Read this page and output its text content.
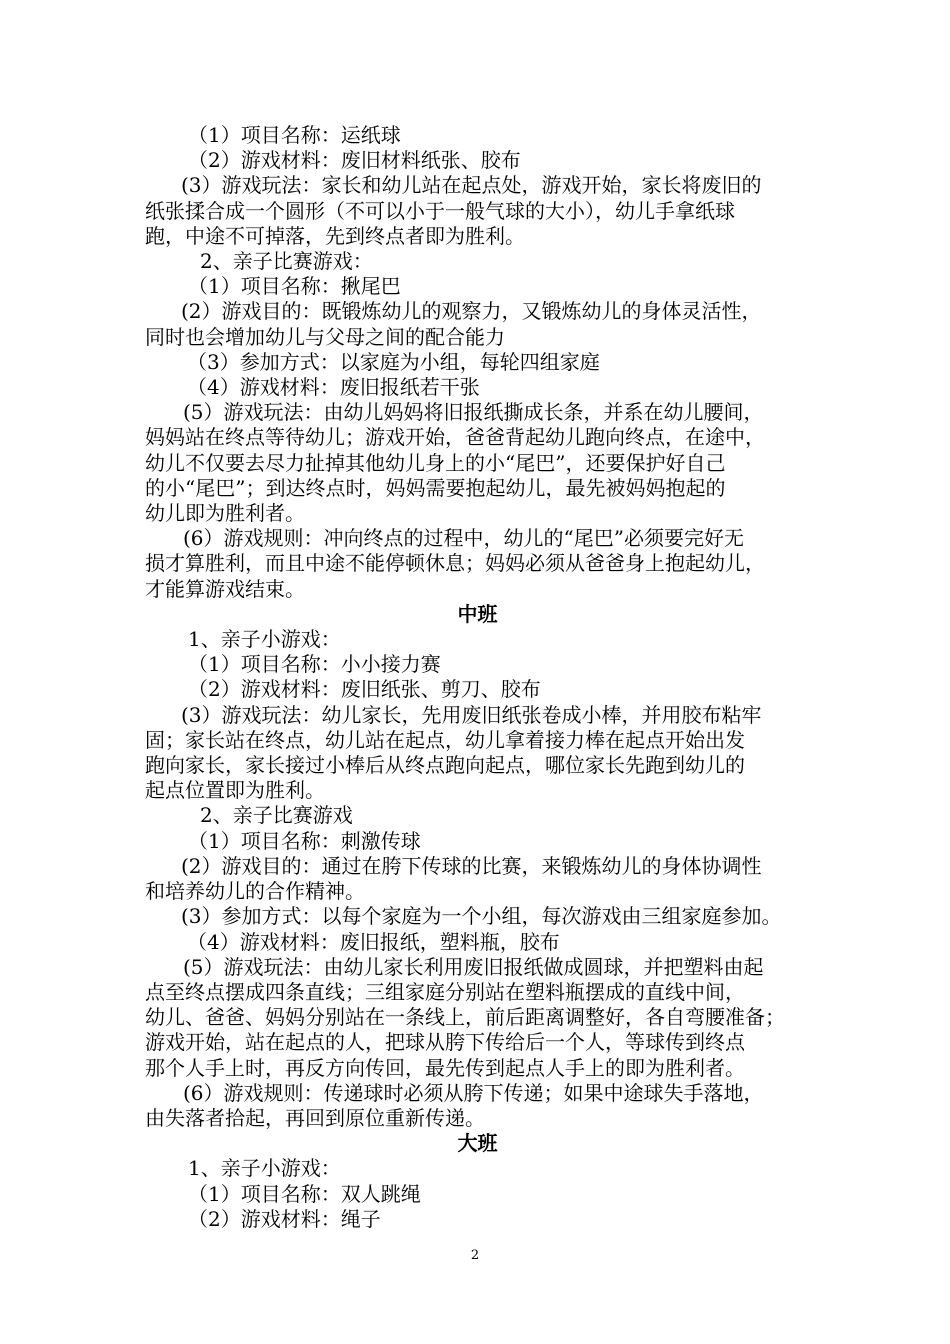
（1）项目名称：运纸球

（2）游戏材料：废旧材料纸张、胶布

(3）游戏玩法：家长和幼儿站在起点处，游戏开始，家长将废旧的

纸张揉合成一个圆形（不可以小于一般气球的大小），幼儿手拿纸球

跑，中途不可掉落，先到终点者即为胜利。

2、亲子比赛游戏：

（1）项目名称：揪尾巴

(2）游戏目的：既锻炼幼儿的观察力，又锻炼幼儿的身体灵活性，

同时也会增加幼儿与父母之间的配合能力

（3）参加方式：以家庭为小组，每轮四组家庭

（4）游戏材料：废旧报纸若干张

(5）游戏玩法：由幼儿妈妈将旧报纸撕成长条，并系在幼儿腰间，

妈妈站在终点等待幼儿；游戏开始，爸爸背起幼儿跑向终点，在途中，

幼儿不仅要去尽力扯掉其他幼儿身上的小“尾巴”，还要保护好自己

的小“尾巴”；到达终点时，妈妈需要抱起幼儿，最先被妈妈抱起的

幼儿即为胜利者。

(6）游戏规则：冲向终点的过程中，幼儿的“尾巴”必须要完好无

损才算胜利，而且中途不能停顿休息；妈妈必须从爸爸身上抱起幼儿，

才能算游戏结束。

中班

1、亲子小游戏：

（1）项目名称：小小接力赛

（2）游戏材料：废旧纸张、剪刀、胶布

(3）游戏玩法：幼儿家长，先用废旧纸张卷成小棒，并用胶布粘牢

固；家长站在终点，幼儿站在起点，幼儿拿着接力棒在起点开始出发

跑向家长，家长接过小棒后从终点跑向起点，哪位家长先跑到幼儿的

起点位置即为胜利。

2、亲子比赛游戏

（1）项目名称：刺激传球

(2）游戏目的：通过在胯下传球的比赛，来锻炼幼儿的身体协调性

和培养幼儿的合作精神。

(3）参加方式：以每个家庭为一个小组，每次游戏由三组家庭参加。

（4）游戏材料：废旧报纸，塑料瓶，胶布

(5）游戏玩法：由幼儿家长利用废旧报纸做成圆球，并把塑料由起

点至终点摆成四条直线；三组家庭分别站在塑料瓶摆成的直线中间，

幼儿、爸爸、妈妈分别站在一条线上，前后距离调整好，各自弯腰准备；

游戏开始，站在起点的人，把球从胯下传给后一个人，等球传到终点

那个人手上时，再反方向传回，最先传到起点人手上的即为胜利者。

(6）游戏规则：传递球时必须从胯下传递；如果中途球失手落地，

由失落者拾起，再回到原位重新传递。

大班

1、亲子小游戏：

（1）项目名称：双人跳绳

（2）游戏材料：绳子

2
